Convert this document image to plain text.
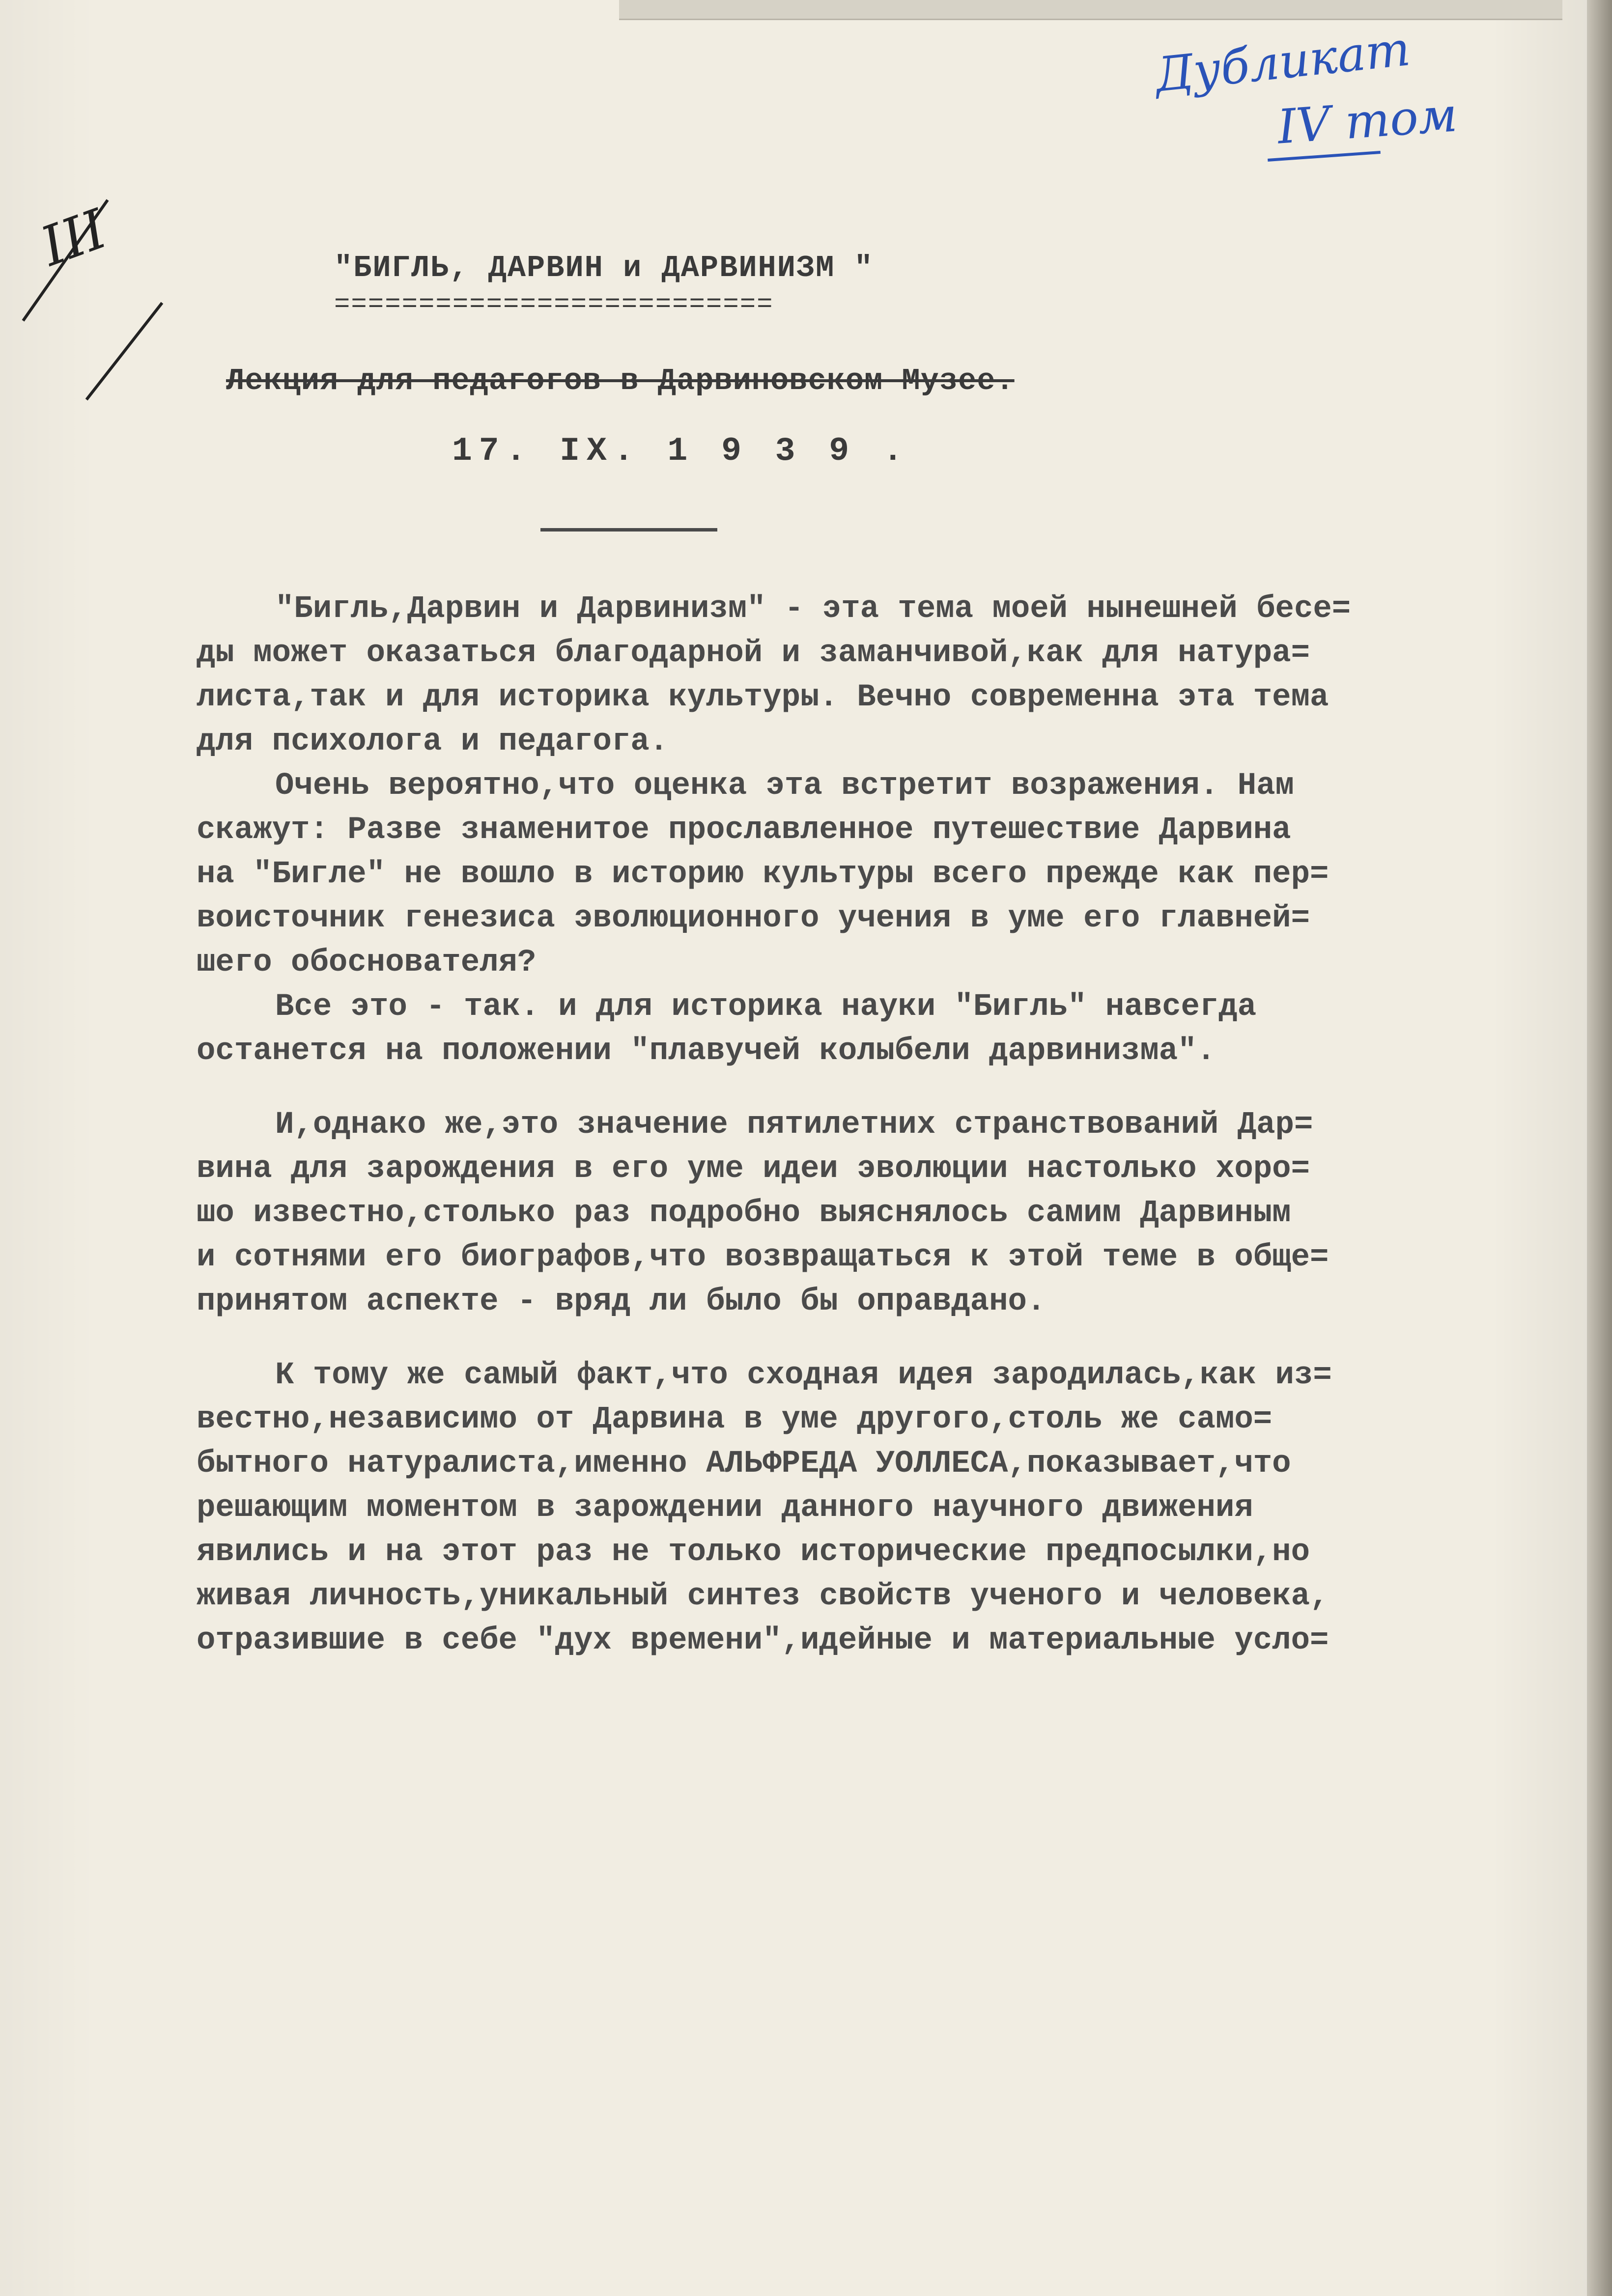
Дубликат
IV том
III	"БИГЛЬ, ДАРВИН и ДАРВИНИЗМ "
==========================
Лекция для педагогов в Дарвиновском Музее.
17. IX. 1 9 3 9 .
"Бигль,Дарвин и Дарвинизм" - эта тема моей нынешней бесе=
ды может оказаться благодарной и заманчивой,как для натура=
листа,так и для историка культуры. Вечно современна эта тема
для психолога и педагога.
Очень вероятно,что оценка эта встретит возражения. Нам
скажут: Разве знаменитое прославленное путешествие Дарвина
на "Бигле" не вошло в историю культуры всего прежде как пер=
воисточник генезиса эволюционного учения в уме его главней=
шего обоснователя?
Все это - так. и для историка науки "Бигль" навсегда
останется на положении "плавучей колыбели дарвинизма".
И,однако же,это значение пятилетних странствований Дар=
вина для зарождения в его уме идеи эволюции настолько хоро=
шо известно,столько раз подробно выяснялось самим Дарвиным
и сотнями его биографов,что возвращаться к этой теме в обще=
принятом аспекте - вряд ли было бы оправдано.
К тому же самый факт,что сходная идея зародилась,как из=
вестно,независимо от Дарвина в уме другого,столь же само=
бытного натуралиста,именно АЛЬФРЕДА УОЛЛЕСА,показывает,что
решающим моментом в зарождении данного научного движения
явились и на этот раз не только исторические предпосылки,но
живая личность,уникальный синтез свойств ученого и человека,
отразившие в себе "дух времени",идейные и материальные усло=
